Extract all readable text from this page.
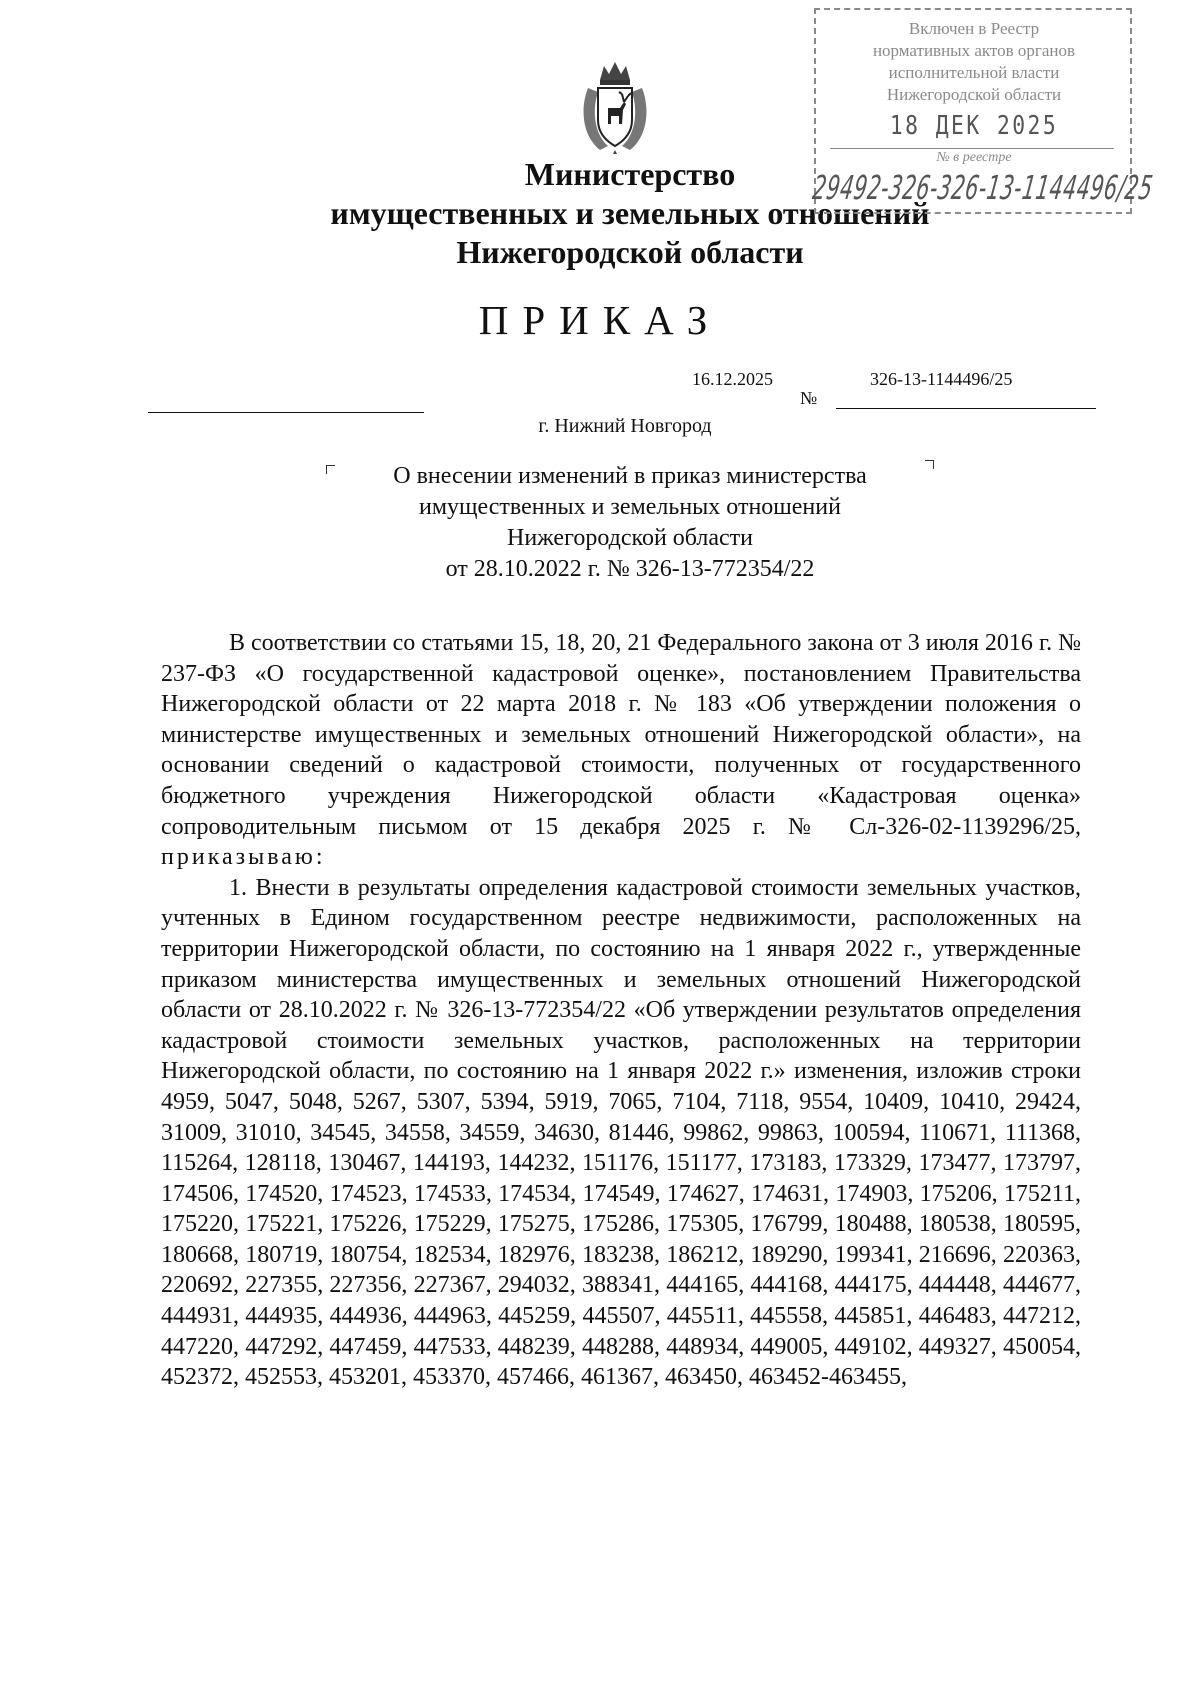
Министерство
имущественных и земельных отношений
Нижегородской области
ПРИКАЗ
16.12.2025	326-13-1144496/25
№
г. Нижний Новгород
О внесении изменений в приказ министерства
имущественных и земельных отношений
Нижегородской области
от 28.10.2022 г. № 326-13-772354/22

В соответствии со статьями 15, 18, 20, 21 Федерального закона от 3 июля 2016 г. № 237-ФЗ «О государственной кадастровой оценке», постановлением Правительства Нижегородской области от 22 марта 2018 г. № 183 «Об утверждении положения о министерстве имущественных и земельных отношений Нижегородской области», на основании сведений о кадастровой стоимости, полученных от государственного бюджетного учреждения Нижегородской области «Кадастровая оценка» сопроводительным письмом от 15 декабря 2025 г. № Сл-326-02-1139296/25, приказываю:

1. Внести в результаты определения кадастровой стоимости земельных участков, учтенных в Едином государственном реестре недвижимости, расположенных на территории Нижегородской области, по состоянию на 1 января 2022 г., утвержденные приказом министерства имущественных и земельных отношений Нижегородской области от 28.10.2022 г. № 326-13-772354/22 «Об утверждении результатов определения кадастровой стоимости земельных участков, расположенных на территории Нижегородской области, по состоянию на 1 января 2022 г.» изменения, изложив строки 4959, 5047, 5048, 5267, 5307, 5394, 5919, 7065, 7104, 7118, 9554, 10409, 10410, 29424, 31009, 31010, 34545, 34558, 34559, 34630, 81446, 99862, 99863, 100594, 110671, 111368, 115264, 128118, 130467, 144193, 144232, 151176, 151177, 173183, 173329, 173477, 173797, 174506, 174520, 174523, 174533, 174534, 174549, 174627, 174631, 174903, 175206, 175211, 175220, 175221, 175226, 175229, 175275, 175286, 175305, 176799, 180488, 180538, 180595, 180668, 180719, 180754, 182534, 182976, 183238, 186212, 189290, 199341, 216696, 220363, 220692, 227355, 227356, 227367, 294032, 388341, 444165, 444168, 444175, 444448, 444677, 444931, 444935, 444936, 444963, 445259, 445507, 445511, 445558, 445851, 446483, 447212, 447220, 447292, 447459, 447533, 448239, 448288, 448934, 449005, 449102, 449327, 450054, 452372, 452553, 453201, 453370, 457466, 461367, 463450, 463452-463455,

Включен в Реестр
нормативных актов органов
исполнительной власти
Нижегородской области
18 ДЕК 2025
№ в реестре
29492-326-326-13-1144496/25
